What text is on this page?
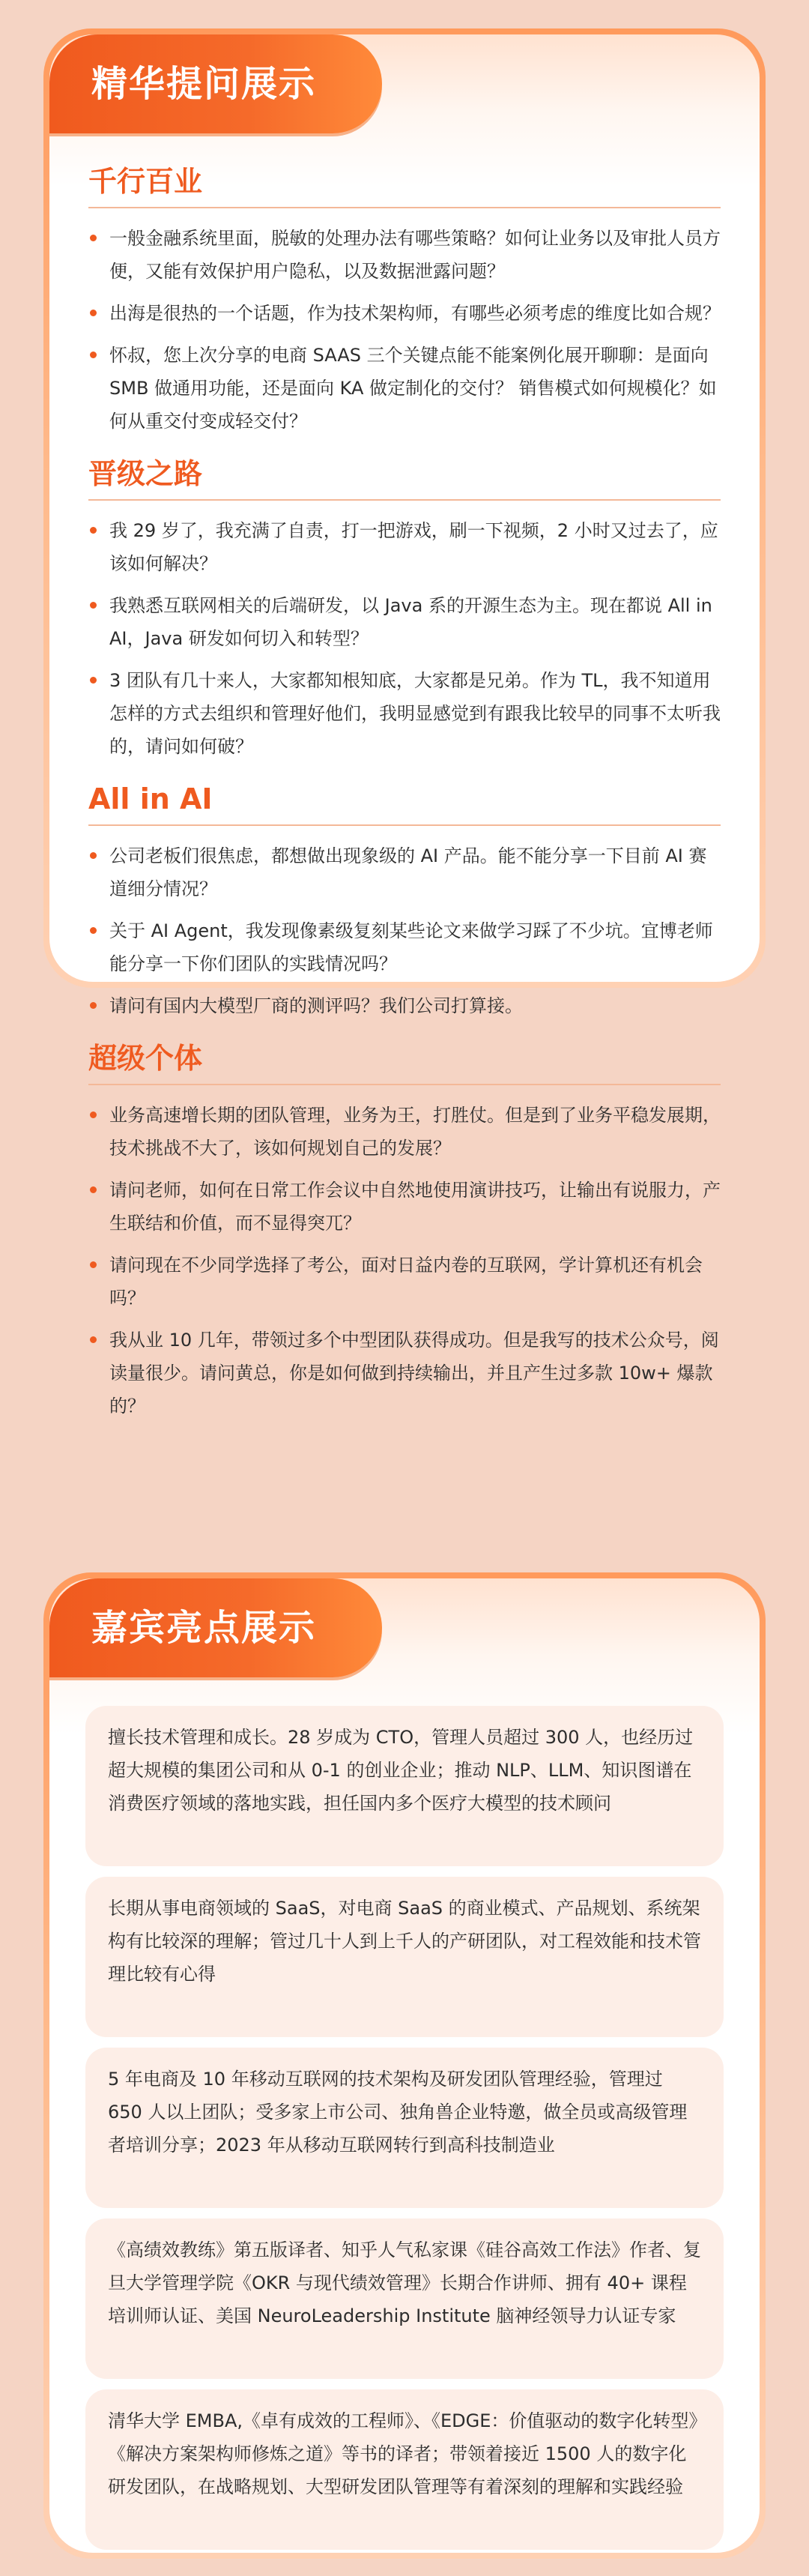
精华提问展示
千行百业
一般金融系统里面，脱敏的处理办法有哪些策略？如何让业务以及审批人员方便，又能有效保护用户隐私，以及数据泄露问题？
出海是很热的一个话题，作为技术架构师，有哪些必须考虑的维度比如合规？
怀叔，您上次分享的电商 SAAS 三个关键点能不能案例化展开聊聊：是面向 SMB 做通用功能，还是面向 KA 做定制化的交付？ 销售模式如何规模化？如何从重交付变成轻交付？
晋级之路
我 29 岁了，我充满了自责，打一把游戏，刷一下视频，2 小时又过去了，应该如何解决？
我熟悉互联网相关的后端研发，以 Java 系的开源生态为主。现在都说 All in AI，Java 研发如何切入和转型？
3 团队有几十来人，大家都知根知底，大家都是兄弟。作为 TL，我不知道用怎样的方式去组织和管理好他们，我明显感觉到有跟我比较早的同事不太听我的，请问如何破？
All in AI
公司老板们很焦虑，都想做出现象级的 AI 产品。能不能分享一下目前 AI 赛道细分情况？
关于 AI Agent，我发现像素级复刻某些论文来做学习踩了不少坑。宜博老师能分享一下你们团队的实践情况吗？
请问有国内大模型厂商的测评吗？我们公司打算接。
超级个体
业务高速增长期的团队管理，业务为王，打胜仗。但是到了业务平稳发展期，技术挑战不大了，该如何规划自己的发展？
请问老师，如何在日常工作会议中自然地使用演讲技巧，让输出有说服力，产生联结和价值，而不显得突兀？
请问现在不少同学选择了考公，面对日益内卷的互联网，学计算机还有机会吗？
我从业 10 几年，带领过多个中型团队获得成功。但是我写的技术公众号，阅读量很少。请问黄总，你是如何做到持续输出，并且产生过多款 10w+ 爆款的？
嘉宾亮点展示
擅长技术管理和成长。28 岁成为 CTO，管理人员超过 300 人，也经历过超大规模的集团公司和从 0-1 的创业企业；推动 NLP、LLM、知识图谱在消费医疗领域的落地实践，担任国内多个医疗大模型的技术顾问
长期从事电商领域的 SaaS，对电商 SaaS 的商业模式、产品规划、系统架构有比较深的理解；管过几十人到上千人的产研团队，对工程效能和技术管理比较有心得
5 年电商及 10 年移动互联网的技术架构及研发团队管理经验，管理过 650 人以上团队；受多家上市公司、独角兽企业特邀，做全员或高级管理者培训分享；2023 年从移动互联网转行到高科技制造业
《高绩效教练》第五版译者、知乎人气私家课《硅谷高效工作法》作者、复旦大学管理学院《OKR 与现代绩效管理》长期合作讲师、拥有 40+ 课程培训师认证、美国 NeuroLeadership Institute 脑神经领导力认证专家
清华大学 EMBA,《卓有成效的工程师》、《EDGE：价值驱动的数字化转型》《解决方案架构师修炼之道》等书的译者；带领着接近 1500 人的数字化研发团队，在战略规划、大型研发团队管理等有着深刻的理解和实践经验
